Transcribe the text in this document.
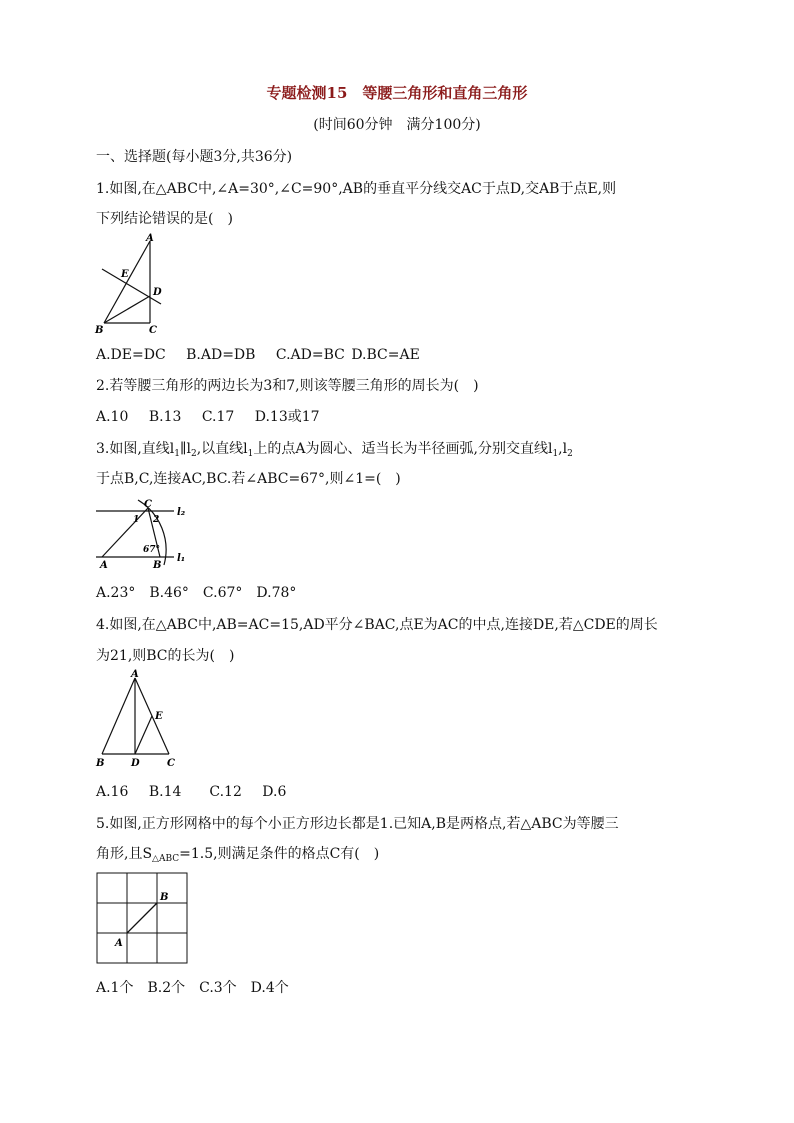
专题检测15　等腰三角形和直角三角形
(时间60分钟　满分100分)
一、选择题(每小题3分,共36分)
1.如图,在△ABC中,∠A=30°,∠C=90°,AB的垂直平分线交AC于点D,交AB于点E,则
下列结论错误的是(　)
A
E
D
B	C
A.DE=DC　 B.AD=DB　 C.AD=BC D.BC=AE
2.若等腰三角形的两边长为3和7,则该等腰三角形的周长为(　)
A.10　 B.13　 C.17　 D.13或17
3.如图,直线$l_1\parallel l_2$,以直线$l_1$上的点A为圆心、适当长为半径画弧,分别交直线$l_1,l_2$
于点B,C,连接AC,BC.若∠ABC=67°,则∠1=(　)
C
1 2
l₂
67°
l₁
A	B
A.23°　B.46°　C.67°　D.78°
4.如图,在△ABC中,AB=AC=15,AD平分∠BAC,点E为AC的中点,连接DE,若△CDE的周长
为21,则BC的长为(　)
A
E
B	D	C
A.16　 B.14　　C.12　 D.6
5.如图,正方形网格中的每个小正方形边长都是1.已知A,B是两格点,若△ABC为等腰三
角形,且$S_{\triangle ABC}=1.5$,则满足条件的格点C有(　)
B
A
A.1个　B.2个　C.3个　D.4个
